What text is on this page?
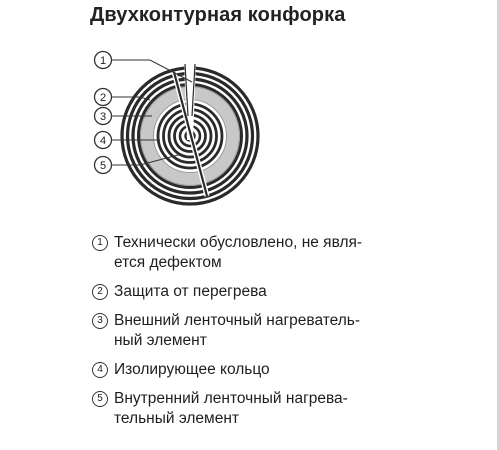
Двухконтурная конфорка
1
2
3
4
5
1 Технически обусловлено, не явля-
ется дефектом
2 Защита от перегрева
3 Внешний ленточный нагреватель-
ный элемент
4 Изолирующее кольцо
5 Внутренний ленточный нагрева-
тельный элемент
